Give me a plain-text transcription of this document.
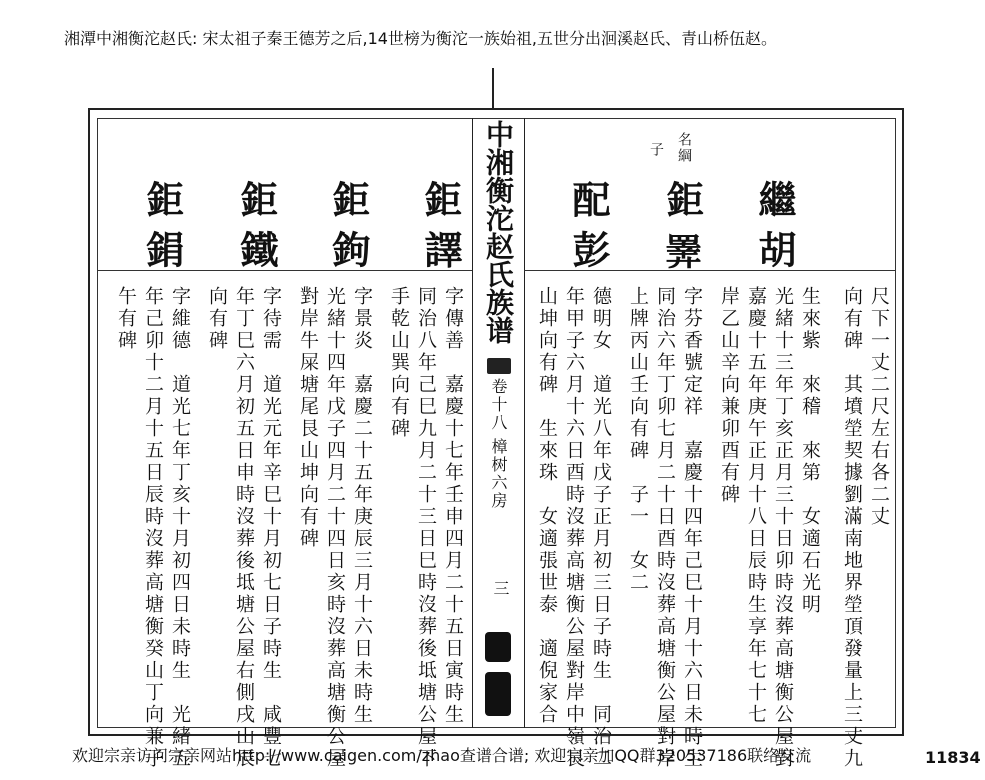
湘潭中湘衡沱赵氏: 宋太祖子秦王德芳之后,14世榜为衡沱一族始祖,五世分出洄溪赵氏、青山桥伍赵。
中湘衡沱赵氏族谱
卷十八
樟树六房
三
名綱
子
繼胡
鉅𢍰
配彭
尺下一丈二尺左右各二丈
向有碑　其墳塋契據劉滿南地界塋頂發量上三丈九
生來紫　來稽　來第　女適石光明
光緒十三年丁亥正月三十日卯時沒葬高塘衡公屋對
嘉慶十五年庚午正月十八日辰時生享年七十七
岸乙山辛向兼卯酉有碑
字芬香號定祥　嘉慶十四年己巳十月十六日未時生
同治六年丁卯七月二十日酉時沒葬高塘衡公屋對岸
上牌丙山壬向有碑　子一　女二
德明女　道光八年戊子正月初三日子時生　同治二
年甲子六月十六日酉時沒葬高塘衡公屋對岸中嶺艮
山坤向有碑　生來珠　女適張世泰　適倪家合
鉅譯
鉅鉤
鉅鐵
鉅鋗
字傳善　嘉慶十七年壬申四月二十五日寅時生
同治八年己巳九月二十三日巳時沒葬後坻塘公屋下
手乾山巽向有碑
字景炎　嘉慶二十五年庚辰三月十六日未時生
光緒十四年戊子四月二十四日亥時沒葬高塘衡公屋
對岸牛屎塘尾艮山坤向有碑
字待需　道光元年辛巳十月初七日子時生　咸豐七
年丁巳六月初五日申時沒葬後坻塘公屋右側戌山辰
向有碑
字維德　道光七年丁亥十月初四日未時生　光緒五
年己卯十二月十五日辰時沒葬高塘衡癸山丁向兼子
午有碑
欢迎宗亲访问宗亲网站http://www.caigen.com/zhao查谱合谱; 欢迎宗亲加QQ群320537186联络交流	11834
